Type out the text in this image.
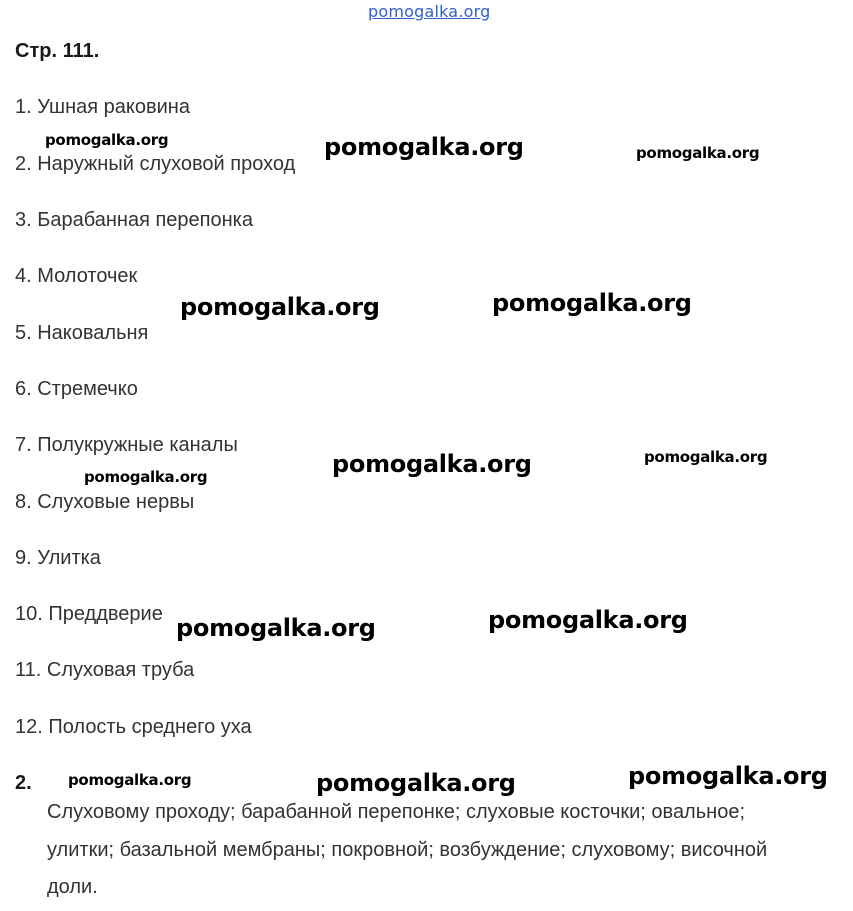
pomogalka.org
Стр. 111.
1. Ушная раковина
2. Наружный слуховой проход
3. Барабанная перепонка
4. Молоточек
5. Наковальня
6. Стремечко
7. Полукружные каналы
8. Слуховые нервы
9. Улитка
10. Преддверие
11. Слуховая труба
12. Полость среднего уха
2.
Слуховому проходу; барабанной перепонке; слуховые косточки; овальное;
улитки; базальной мембраны; покровной; возбуждение; слуховому; височной
доли.
pomogalka.org	pomogalka.org	pomogalka.org
pomogalka.org	pomogalka.org
pomogalka.org	pomogalka.org
pomogalka.org
pomogalka.org	pomogalka.org
pomogalka.org	pomogalka.org	pomogalka.org
